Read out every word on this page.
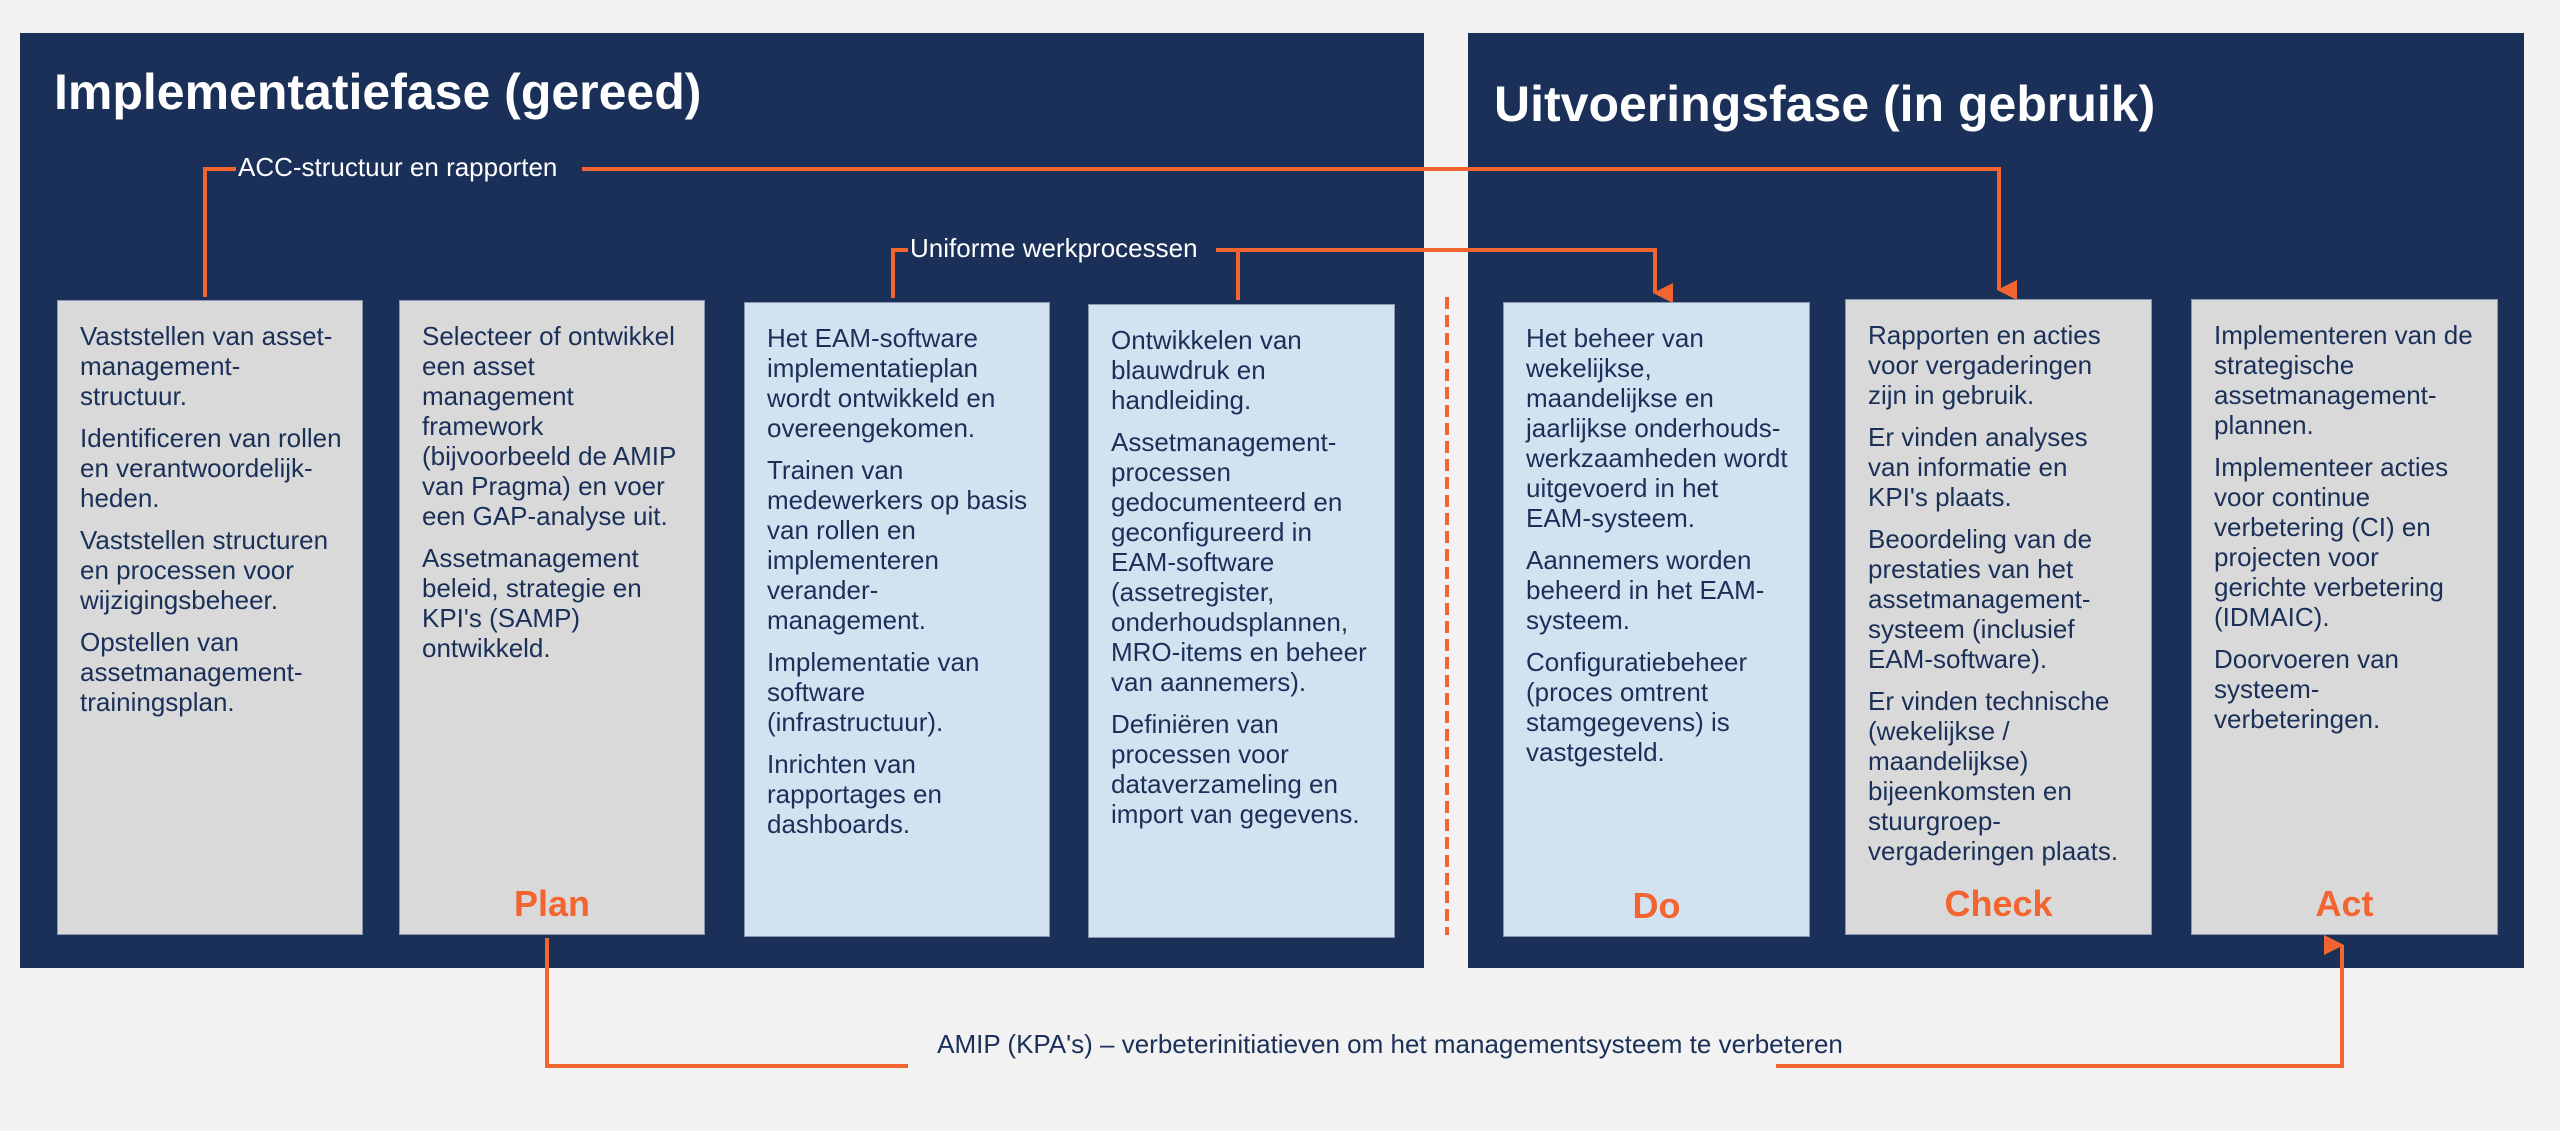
Implementatiefase (gereed)	Uitvoeringsfase (in gebruik)
ACC-structuur en rapporten
Uniforme werkprocessen
AMIP (KPA's) – verbeterinitiatieven om het managementsysteem te verbeteren

Vaststellen van asset-management-structuur.

Identificeren van rollen en verantwoordelijk-heden.

Vaststellen structuren en processen voor wijzigingsbeheer.

Opstellen van assetmanagement-trainingsplan.

Selecteer of ontwikkel een asset management framework (bijvoorbeeld de AMIP van Pragma) en voer een GAP-analyse uit.

Assetmanagement beleid, strategie en KPI's (SAMP) ontwikkeld.

Plan

Het EAM-software implementatieplan wordt ontwikkeld en overeengekomen.

Trainen van medewerkers op basis van rollen en implementeren verander-management.

Implementatie van software (infrastructuur).

Inrichten van rapportages en dashboards.

Ontwikkelen van blauwdruk en handleiding.

Assetmanagement-processen gedocumenteerd en geconfigureerd in EAM-software (assetregister, onderhoudsplannen, MRO-items en beheer van aannemers).

Definiëren van processen voor dataverzameling en import van gegevens.

Het beheer van wekelijkse, maandelijkse en jaarlijkse onderhouds-werkzaamheden wordt uitgevoerd in het EAM-systeem.

Aannemers worden beheerd in het EAM-systeem.

Configuratiebeheer (proces omtrent stamgegevens) is vastgesteld.

Do

Rapporten en acties voor vergaderingen zijn in gebruik.

Er vinden analyses van informatie en KPI's plaats.

Beoordeling van de prestaties van het assetmanagement-systeem (inclusief EAM-software).

Er vinden technische (wekelijkse / maandelijkse) bijeenkomsten en stuurgroep-vergaderingen plaats.

Check

Implementeren van de strategische assetmanagement-plannen.

Implementeer acties voor continue verbetering (CI) en projecten voor gerichte verbetering (IDMAIC).

Doorvoeren van systeem-verbeteringen.

Act
